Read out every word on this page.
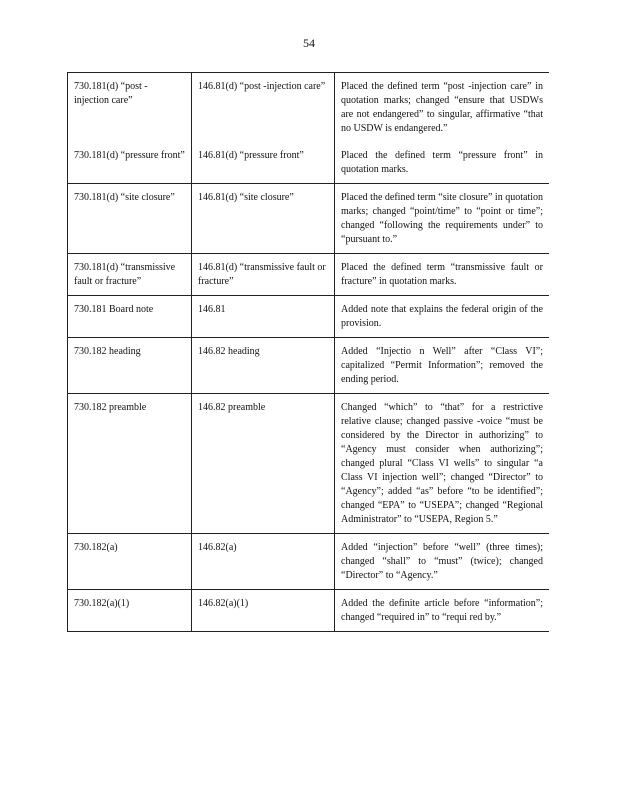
54
730.181(d) “post - injection care”	146.81(d) “post -injection care”	Placed the defined term “post -injection care” in quotation marks; changed “ensure that USDWs are not endangered” to singular, affirmative “that no USDW is endangered.”
730.181(d) “pressure front”	146.81(d) “pressure front”	Placed the defined term “pressure front” in quotation marks.
730.181(d) “site closure”	146.81(d) “site closure”	Placed the defined term “site closure” in quotation marks; changed “point/time” to “point or time”; changed “following the requirements under” to “pursuant to.”
730.181(d) “transmissive fault or fracture”	146.81(d) “transmissive fault or fracture”	Placed the defined term “transmissive fault or fracture” in quotation marks.
730.181 Board note	146.81	Added note that explains the federal origin of the provision.
730.182 heading	146.82 heading	Added “Injectio n Well” after “Class VI”; capitalized “Permit Information”; removed the ending period.
730.182 preamble	146.82 preamble	Changed “which” to “that” for a restrictive relative clause; changed passive -voice “must be considered by the Director in authorizing” to “Agency must consider when authorizing”; changed plural “Class VI wells” to singular “a Class VI injection well”; changed “Director” to “Agency”; added “as” before “to be identified”; changed “EPA” to “USEPA”; changed “Regional Administrator” to “USEPA, Region 5.”
730.182(a)	146.82(a)	Added “injection” before “well” (three times); changed “shall” to “must” (twice); changed “Director” to “Agency.”
730.182(a)(1)	146.82(a)(1)	Added the definite article before “information”; changed “required in” to “requi red by.”
